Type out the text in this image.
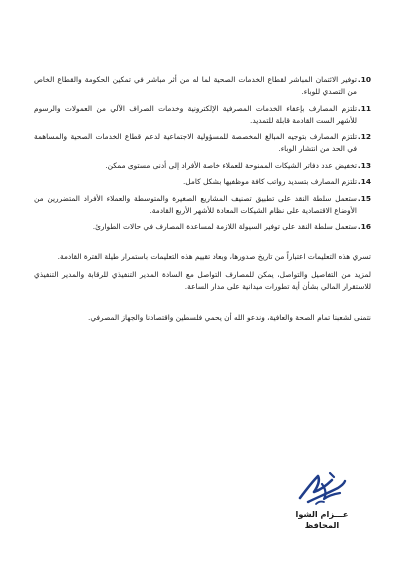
10.
توفير الائتمان المباشر لقطاع الخدمات الصحية لما له من أثر مباشر في تمكين الحكومة والقطاع الخاص من التصدي للوباء.
11.
تلتزم المصارف بإعفاء الخدمات المصرفية الإلكترونية وخدمات الصراف الآلي من العمولات والرسوم للأشهر الست القادمة قابلة للتمديد.
12.
تلتزم المصارف بتوجيه المبالغ المخصصة للمسؤولية الاجتماعية لدعم قطاع الخدمات الصحية والمساهمة في الحد من انتشار الوباء.
13.
تخفيض عدد دفاتر الشيكات الممنوحة للعملاء خاصة الأفراد إلى أدنى مستوى ممكن.
14.
تلتزم المصارف بتسديد رواتب كافة موظفيها بشكل كامل.
15.
ستعمل سلطة النقد على تطبيق تصنيف المشاريع الصغيرة والمتوسطة والعملاء الأفراد المتضررين من الأوضاع الاقتصادية على نظام الشيكات المعادة للأشهر الأربع القادمة.
16.
ستعمل سلطة النقد على توفير السيولة اللازمة لمساعدة المصارف في حالات الطوارئ.

تسري هذه التعليمات اعتباراً من تاريخ صدورها، وبعاد تقييم هذه التعليمات باستمرار طيلة الفترة القادمة.

لمزيد من التفاصيل والتواصل، يمكن للمصارف التواصل مع السادة المدير التنفيذي للرقابة والمدير التنفيذي للاستقرار المالي بشأن أية تطورات ميدانية على مدار الساعة.

نتمنى لشعبنا تمام الصحة والعافية، وندعو الله أن يحمي فلسطين واقتصادنا والجهاز المصرفي.

عـــزام الشوا
المحافظ
